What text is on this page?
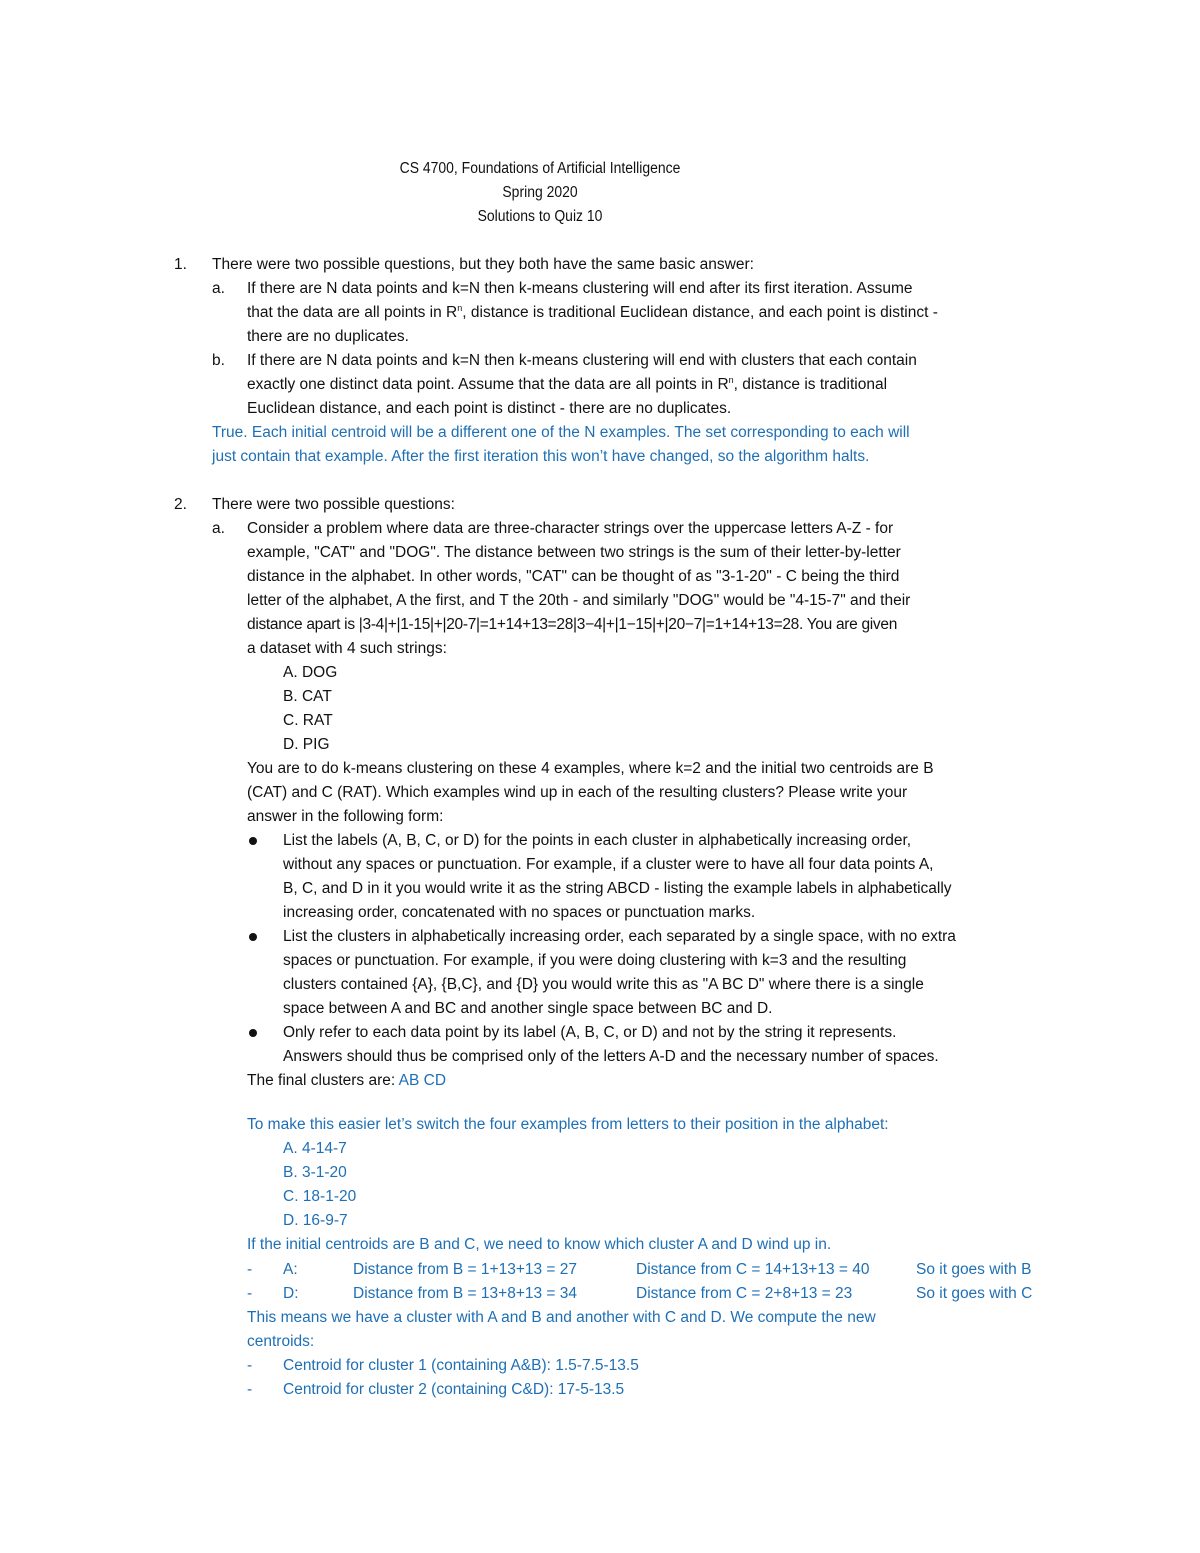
CS 4700, Foundations of Artificial Intelligence
Spring 2020
Solutions to Quiz 10
1. There were two possible questions, but they both have the same basic answer:
a. If there are N data points and k=N then k-means clustering will end after its first iteration. Assume
that the data are all points in $R^n$, distance is traditional Euclidean distance, and each point is distinct -
there are no duplicates.
b. If there are N data points and k=N then k-means clustering will end with clusters that each contain
exactly one distinct data point. Assume that the data are all points in $R^n$, distance is traditional
Euclidean distance, and each point is distinct - there are no duplicates.
True. Each initial centroid will be a different one of the N examples. The set corresponding to each will
just contain that example. After the first iteration this won’t have changed, so the algorithm halts.
2. There were two possible questions:
a. Consider a problem where data are three-character strings over the uppercase letters A-Z - for
example, "CAT" and "DOG". The distance between two strings is the sum of their letter-by-letter
distance in the alphabet. In other words, "CAT" can be thought of as "3-1-20" - C being the third
letter of the alphabet, A the first, and T the 20th - and similarly "DOG" would be "4-15-7" and their
distance apart is |3-4|+|1-15|+|20-7|=1+14+13=28|3−4|+|1−15|+|20−7|=1+14+13=28. You are given
a dataset with 4 such strings:
A. DOG
B. CAT
C. RAT
D. PIG
You are to do k-means clustering on these 4 examples, where k=2 and the initial two centroids are B
(CAT) and C (RAT). Which examples wind up in each of the resulting clusters? Please write your
answer in the following form:
List the labels (A, B, C, or D) for the points in each cluster in alphabetically increasing order,
without any spaces or punctuation. For example, if a cluster were to have all four data points A,
B, C, and D in it you would write it as the string ABCD - listing the example labels in alphabetically
increasing order, concatenated with no spaces or punctuation marks.
List the clusters in alphabetically increasing order, each separated by a single space, with no extra
spaces or punctuation. For example, if you were doing clustering with k=3 and the resulting
clusters contained {A}, {B,C}, and {D} you would write this as "A BC D" where there is a single
space between A and BC and another single space between BC and D.
Only refer to each data point by its label (A, B, C, or D) and not by the string it represents.
Answers should thus be comprised only of the letters A-D and the necessary number of spaces.
The final clusters are: AB CD
To make this easier let’s switch the four examples from letters to their position in the alphabet:
A. 4-14-7
B. 3-1-20
C. 18-1-20
D. 16-9-7
If the initial centroids are B and C, we need to know which cluster A and D wind up in.
- A:	Distance from B = 1+13+13 = 27	Distance from C = 14+13+13 = 40	So it goes with B
- D:	Distance from B = 13+8+13 = 34	Distance from C = 2+8+13 = 23	So it goes with C
This means we have a cluster with A and B and another with C and D. We compute the new
centroids:
- Centroid for cluster 1 (containing A&B): 1.5-7.5-13.5
- Centroid for cluster 2 (containing C&D): 17-5-13.5
